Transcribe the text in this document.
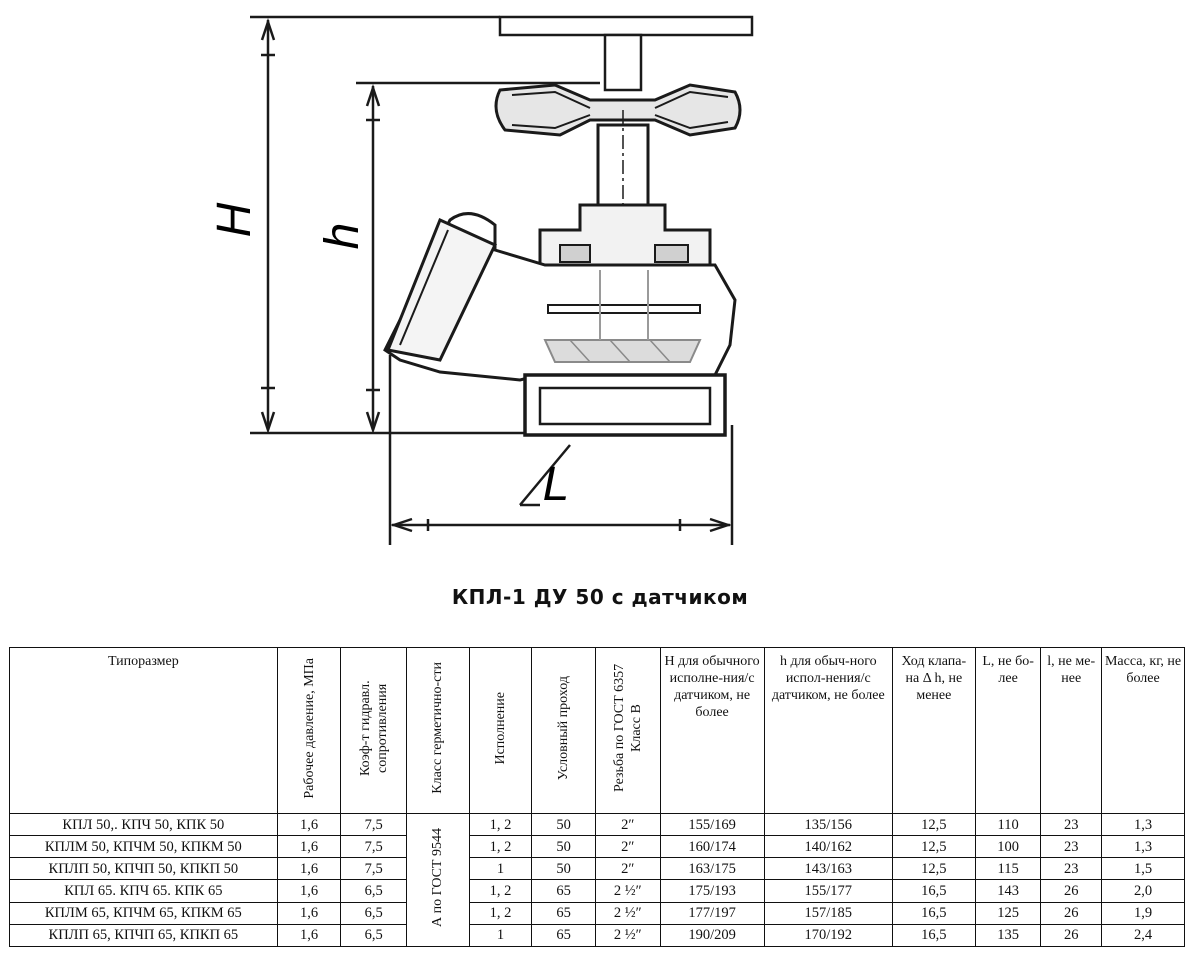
H h
L
КПЛ-1 ДУ 50 с датчиком
Типоразмер	Рабочее давление, МПа	Коэф-т гидравл. сопротивления	Класс герметично-сти	Исполнение	Условный проход	Резьба по ГОСТ 6357 Класс В	Н для обычного исполне-ния/с датчиком, не более	h для обыч-ного испол-нения/с датчиком, не более	Ход клапа-на Δ h, не менее	L, не бо-лее	l, не ме-нее	Масса, кг, не более
КПЛ 50,. КПЧ 50, КПК 50	1,6	7,5	А по ГОСТ 9544	1, 2	50	2″	155/169	135/156	12,5	110	23	1,3
КПЛМ 50, КПЧМ 50, КПКМ 50	1,6	7,5		1, 2	50	2″	160/174	140/162	12,5	100	23	1,3
КПЛП 50, КПЧП 50, КПКП 50	1,6	7,5		1	50	2″	163/175	143/163	12,5	115	23	1,5
КПЛ 65. КПЧ 65. КПК 65	1,6	6,5		1, 2	65	2 ½″	175/193	155/177	16,5	143	26	2,0
КПЛМ 65, КПЧМ 65, КПКМ 65	1,6	6,5		1, 2	65	2 ½″	177/197	157/185	16,5	125	26	1,9
КПЛП 65, КПЧП 65, КПКП 65	1,6	6,5		1	65	2 ½″	190/209	170/192	16,5	135	26	2,4
